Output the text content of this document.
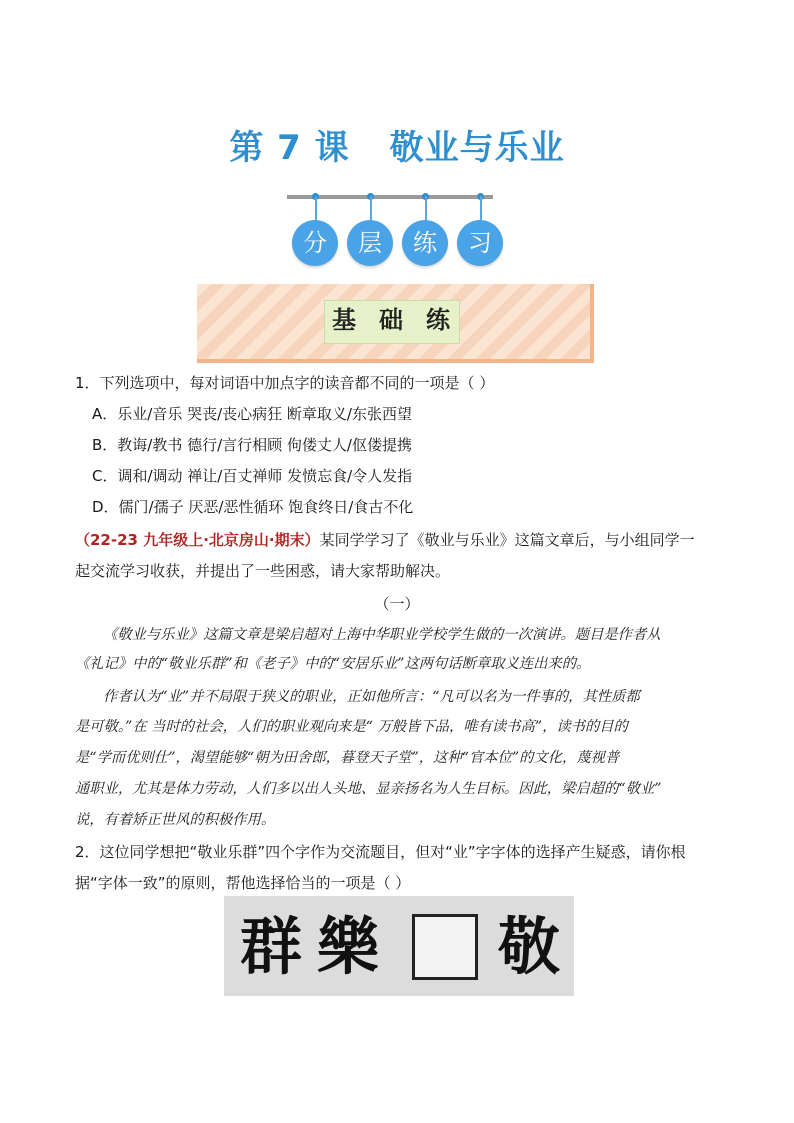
第 7 课 敬业与乐业
分	层	练	习
基 础 练
1．下列选项中，每对词语中加点字的读音都不同的一项是（ ）
A．乐业/音乐 哭丧/丧心病狂 断章取义/东张西望
B．教诲/教书 德行/言行相顾 佝偻丈人/伛偻提携
C．调和/调动 禅让/百丈禅师 发愤忘食/令人发指
D．儒门/孺子 厌恶/恶性循环 饱食终日/食古不化
（22-23 九年级上·北京房山·期末）某同学学习了《敬业与乐业》这篇文章后，与小组同学一
起交流学习收获，并提出了一些困惑，请大家帮助解决。
（一）
《敬业与乐业》这篇文章是梁启超对上海中华职业学校学生做的一次演讲。题目是作者从
《礼记》中的“敬业乐群”和《老子》中的“安居乐业”这两句话断章取义连出来的。
作者认为“业”并不局限于狭义的职业，正如他所言：“凡可以名为一件事的，其性质都
是可敬。”在 当时的社会，人们的职业观向来是“ 万般皆下品，唯有读书高”，读书的目的
是“学而优则仕”，渴望能够“朝为田舍郎，暮登天子堂”，这种“官本位”的文化，蔑视普
通职业，尤其是体力劳动，人们多以出人头地、显亲扬名为人生目标。因此，梁启超的“敬业”
说，有着矫正世风的积极作用。
2．这位同学想把“敬业乐群”四个字作为交流题目，但对“业”字字体的选择产生疑惑，请你根
据“字体一致”的原则，帮他选择恰当的一项是（ ）
群 樂 敬
